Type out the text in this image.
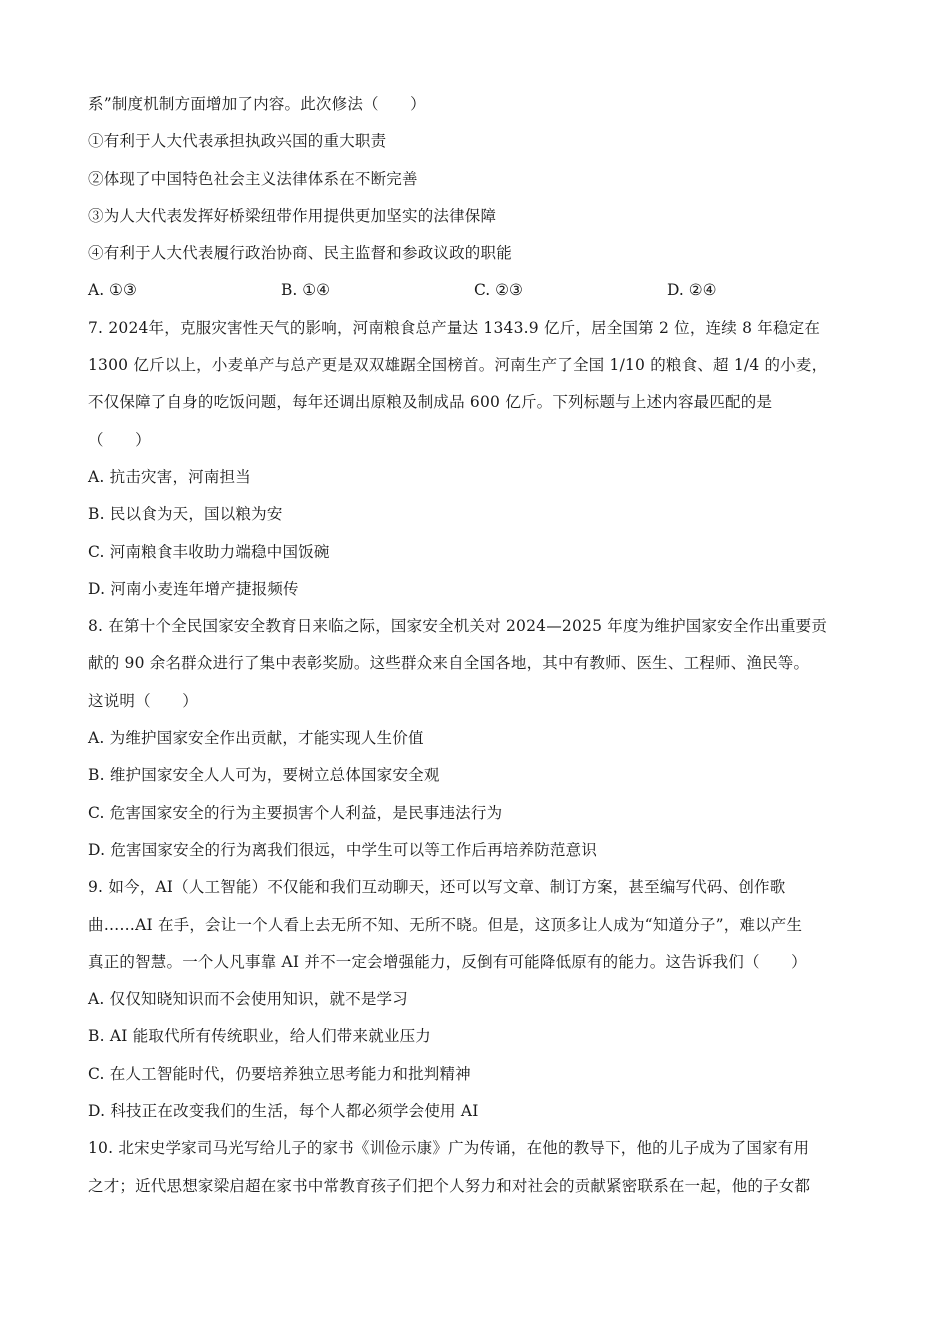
系”制度机制方面增加了内容。此次修法（　　）
①有利于人大代表承担执政兴国的重大职责
②体现了中国特色社会主义法律体系在不断完善
③为人大代表发挥好桥梁纽带作用提供更加坚实的法律保障
④有利于人大代表履行政治协商、民主监督和参政议政的职能
A. ①③	B. ①④	C. ②③	D. ②④
7. 2024年，克服灾害性天气的影响，河南粮食总产量达 1343.9 亿斤，居全国第 2 位，连续 8 年稳定在
1300 亿斤以上，小麦单产与总产更是双双雄踞全国榜首。河南生产了全国 1/10 的粮食、超 1/4 的小麦，
不仅保障了自身的吃饭问题，每年还调出原粮及制成品 600 亿斤。下列标题与上述内容最匹配的是
（　　）
A. 抗击灾害，河南担当
B. 民以食为天，国以粮为安
C. 河南粮食丰收助力端稳中国饭碗
D. 河南小麦连年增产捷报频传
8. 在第十个全民国家安全教育日来临之际，国家安全机关对 2024—2025 年度为维护国家安全作出重要贡
献的 90 余名群众进行了集中表彰奖励。这些群众来自全国各地，其中有教师、医生、工程师、渔民等。
这说明（　　）
A. 为维护国家安全作出贡献，才能实现人生价值
B. 维护国家安全人人可为，要树立总体国家安全观
C. 危害国家安全的行为主要损害个人利益，是民事违法行为
D. 危害国家安全的行为离我们很远，中学生可以等工作后再培养防范意识
9. 如今，AI（人工智能）不仅能和我们互动聊天，还可以写文章、制订方案，甚至编写代码、创作歌
曲……AI 在手，会让一个人看上去无所不知、无所不晓。但是，这顶多让人成为“知道分子”，难以产生
真正的智慧。一个人凡事靠 AI 并不一定会增强能力，反倒有可能降低原有的能力。这告诉我们（　　）
A. 仅仅知晓知识而不会使用知识，就不是学习
B. AI 能取代所有传统职业，给人们带来就业压力
C. 在人工智能时代，仍要培养独立思考能力和批判精神
D. 科技正在改变我们的生活，每个人都必须学会使用 AI
10. 北宋史学家司马光写给儿子的家书《训俭示康》广为传诵，在他的教导下，他的儿子成为了国家有用
之才；近代思想家梁启超在家书中常教育孩子们把个人努力和对社会的贡献紧密联系在一起，他的子女都
